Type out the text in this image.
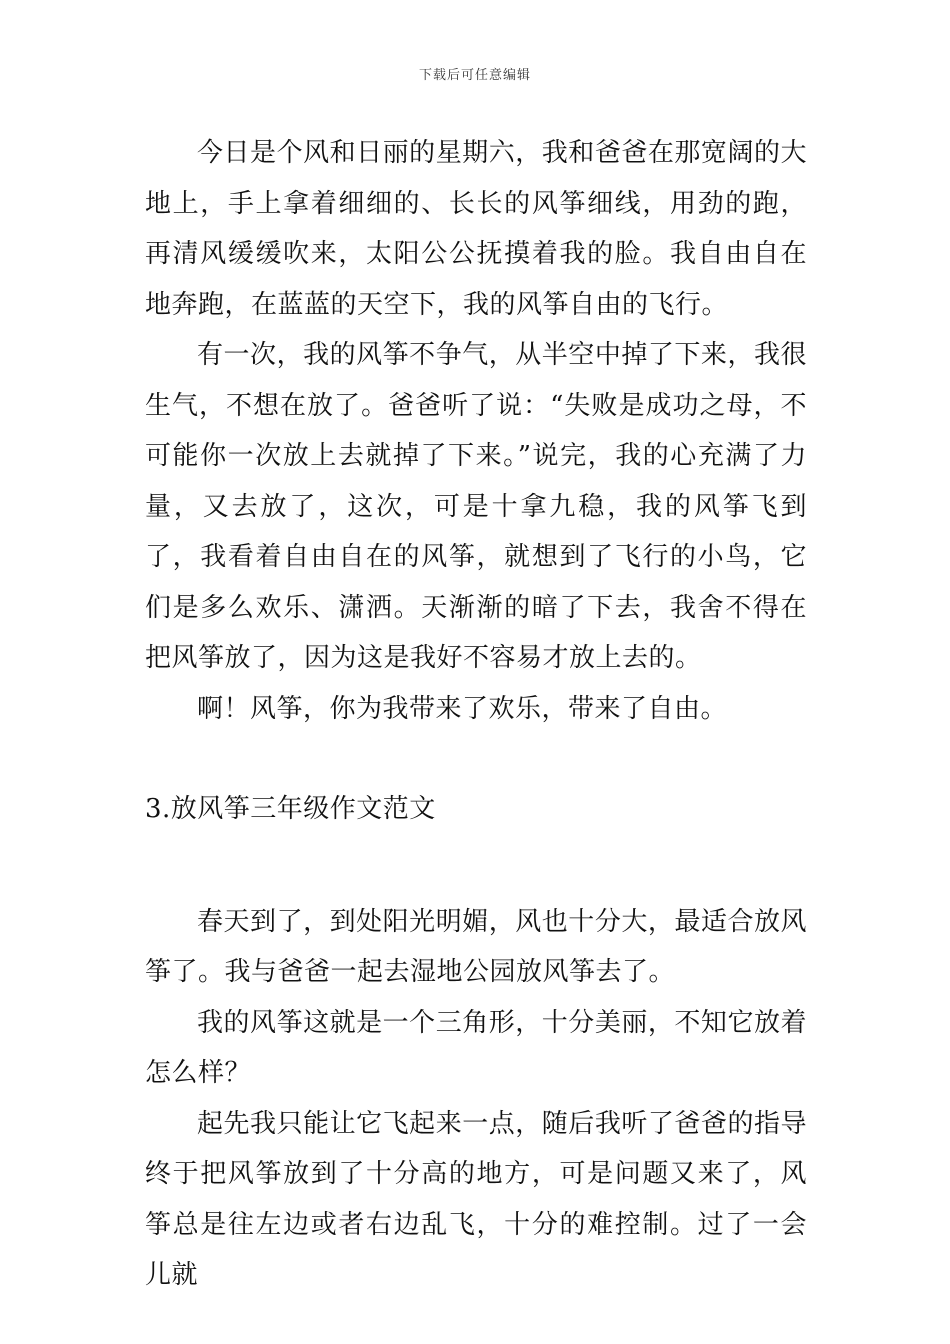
下载后可任意编辑

今日是个风和日丽的星期六，我和爸爸在那宽阔的大地上，手上拿着细细的、长长的风筝细线，用劲的跑，再清风缓缓吹来，太阳公公抚摸着我的脸。我自由自在地奔跑，在蓝蓝的天空下，我的风筝自由的飞行。

有一次，我的风筝不争气，从半空中掉了下来，我很生气，不想在放了。爸爸听了说：“失败是成功之母，不可能你一次放上去就掉了下来。”说完，我的心充满了力量，又去放了，这次，可是十拿九稳，我的风筝飞到了，我看着自由自在的风筝，就想到了飞行的小鸟，它们是多么欢乐、潇洒。天渐渐的暗了下去，我舍不得在把风筝放了，因为这是我好不容易才放上去的。

啊！风筝，你为我带来了欢乐，带来了自由。

3.放风筝三年级作文范文

春天到了，到处阳光明媚，风也十分大，最适合放风筝了。我与爸爸一起去湿地公园放风筝去了。

我的风筝这就是一个三角形，十分美丽，不知它放着怎么样？

起先我只能让它飞起来一点，随后我听了爸爸的指导终于把风筝放到了十分高的地方，可是问题又来了，风筝总是往左边或者右边乱飞，十分的难控制。过了一会儿就
